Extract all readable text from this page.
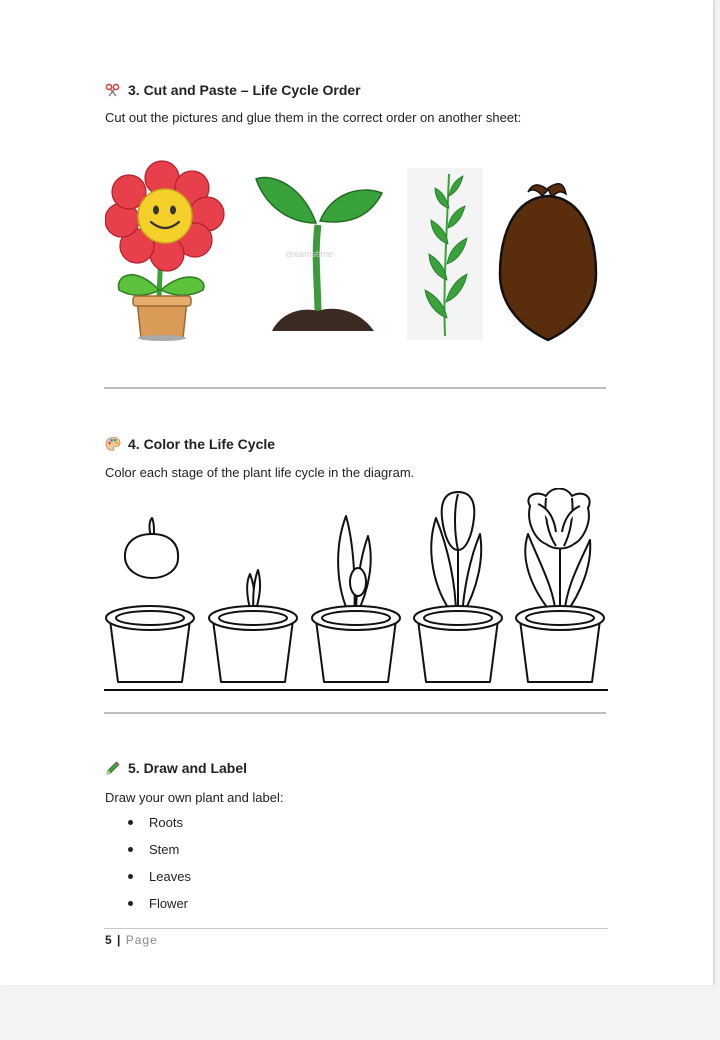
3. Cut and Paste – Life Cycle Order
Cut out the pictures and glue them in the correct order on another sheet:
dreamstime
4. Color the Life Cycle
Color each stage of the plant life cycle in the diagram.
5. Draw and Label
Draw your own plant and label:
Roots
Stem
Leaves
Flower
5 | Page
